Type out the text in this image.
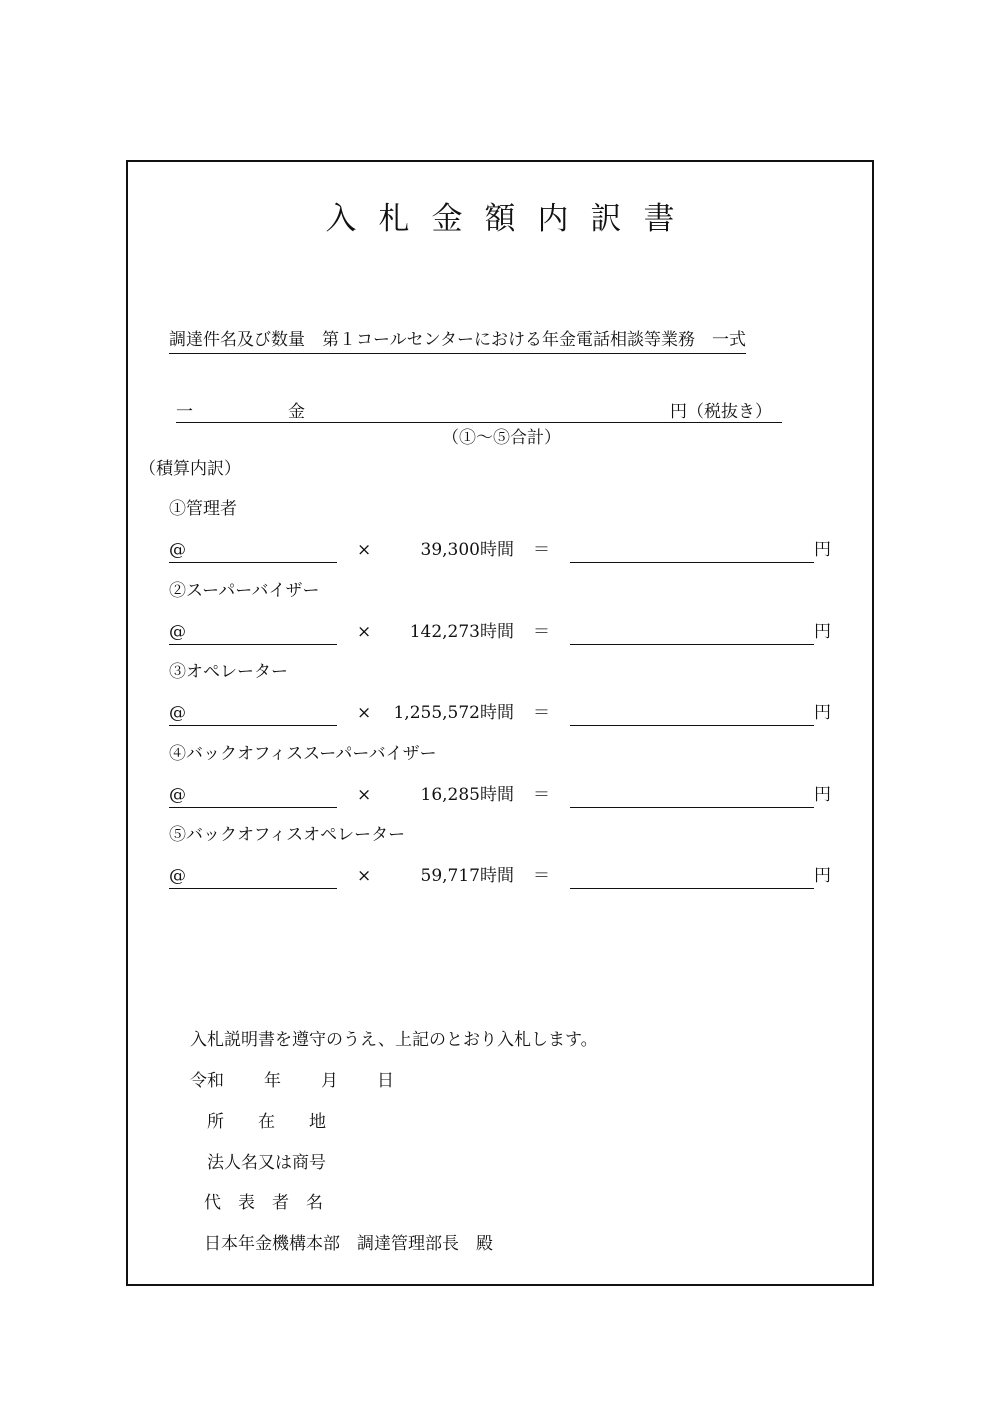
入 札 金 額 内 訳 書
調達件名及び数量　 第１コールセンターにおける年金電話相談等業務　 一式
一	金	円（税抜き）
（①～⑤合計）
（積算内訳）
①管理者
@	×	39,300時間 ＝	円
②スーパーバイザー
@	×	142,273時間 ＝	円
③オペレーター
@	×	1,255,572時間 ＝	円
④バックオフィススーパーバイザー
@	×	16,285時間 ＝	円
⑤バックオフィスオペレーター
@	×	59,717時間 ＝	円
入札説明書を遵守のうえ、上記のとおり入札します。
令和 年 月 日
所　　在　　地
法人名又は商号
代　表　者　名
日本年金機構本部　調達管理部長　殿
